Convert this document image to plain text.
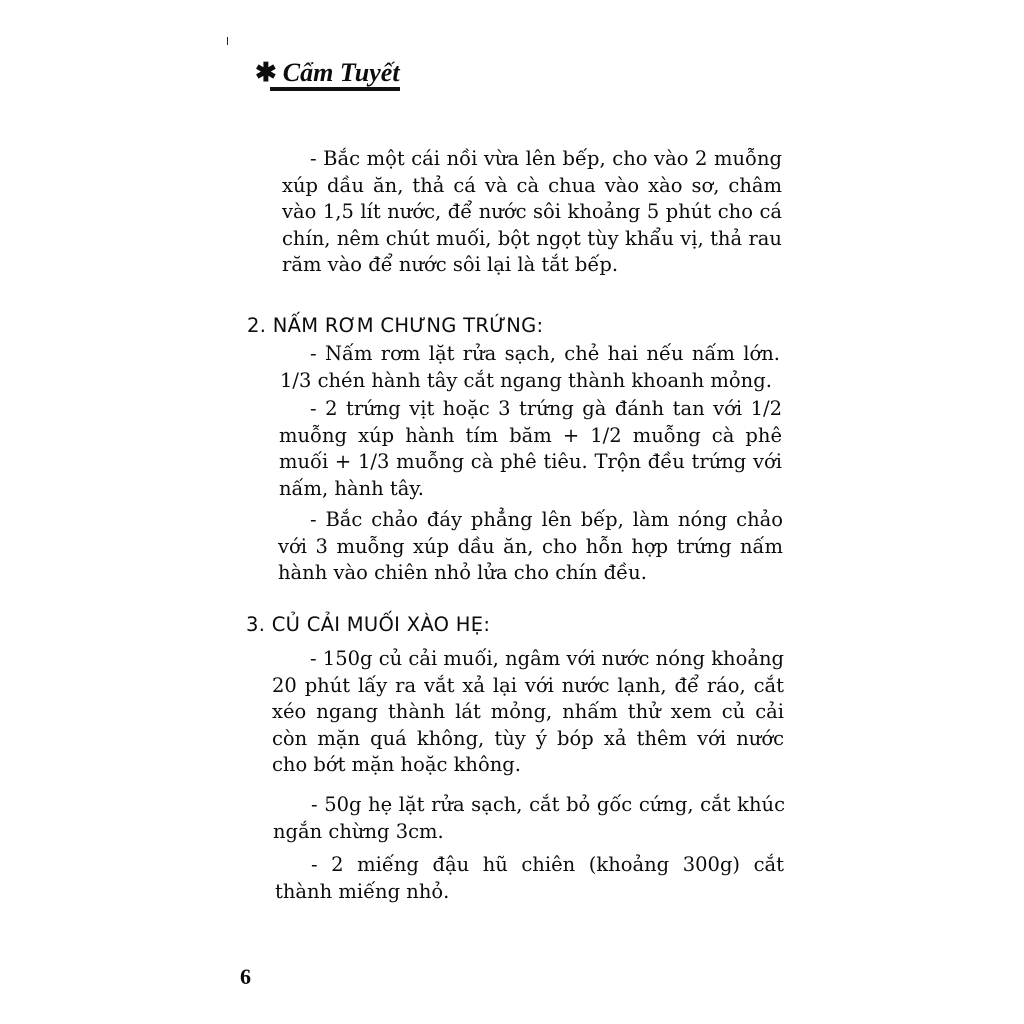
✱ Cẩm Tuyết
- Bắc một cái nồi vừa lên bếp, cho vào 2 muỗng
xúp dầu ăn, thả cá và cà chua vào xào sơ, châm
vào 1,5 lít nước, để nước sôi khoảng 5 phút cho cá
chín, nêm chút muối, bột ngọt tùy khẩu vị, thả rau
răm vào để nước sôi lại là tắt bếp.
2. NẤM RƠM CHƯNG TRỨNG:
- Nấm rơm lặt rửa sạch, chẻ hai nếu nấm lớn.
1/3 chén hành tây cắt ngang thành khoanh mỏng.
- 2 trứng vịt hoặc 3 trứng gà đánh tan với 1/2
muỗng xúp hành tím băm + 1/2 muỗng cà phê
muối + 1/3 muỗng cà phê tiêu. Trộn đều trứng với
nấm, hành tây.
- Bắc chảo đáy phẳng lên bếp, làm nóng chảo
với 3 muỗng xúp dầu ăn, cho hỗn hợp trứng nấm
hành vào chiên nhỏ lửa cho chín đều.
3. CỦ CẢI MUỐI XÀO HẸ:
- 150g củ cải muối, ngâm với nước nóng khoảng
20 phút lấy ra vắt xả lại với nước lạnh, để ráo, cắt
xéo ngang thành lát mỏng, nhấm thử xem củ cải
còn mặn quá không, tùy ý bóp xả thêm với nước
cho bớt mặn hoặc không.
- 50g hẹ lặt rửa sạch, cắt bỏ gốc cứng, cắt khúc
ngắn chừng 3cm.
- 2 miếng đậu hũ chiên (khoảng 300g) cắt
thành miếng nhỏ.
6
